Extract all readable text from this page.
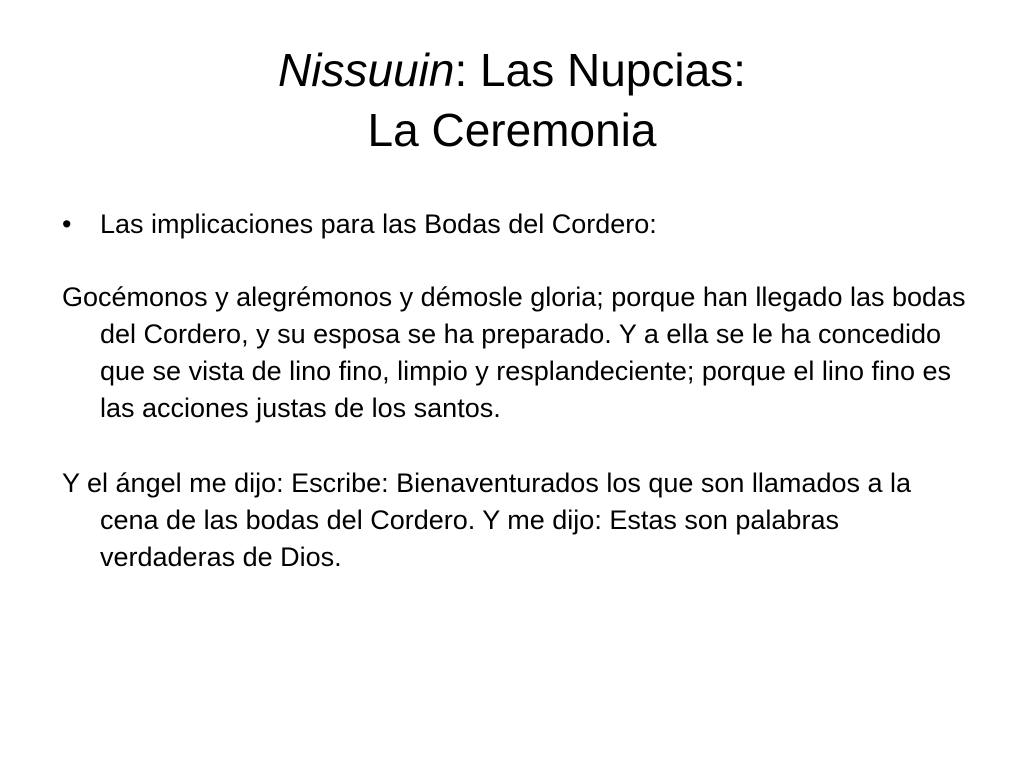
Nissuuin: Las Nupcias:
La Ceremonia

• Las implicaciones para las Bodas del Cordero:

Gocémonos y alegrémonos y démosle gloria; porque han llegado las bodas del Cordero, y su esposa se ha preparado. Y a ella se le ha concedido que se vista de lino fino, limpio y resplandeciente; porque el lino fino es las acciones justas de los santos.

Y el ángel me dijo: Escribe: Bienaventurados los que son llamados a la cena de las bodas del Cordero. Y me dijo: Estas son palabras verdaderas de Dios.
